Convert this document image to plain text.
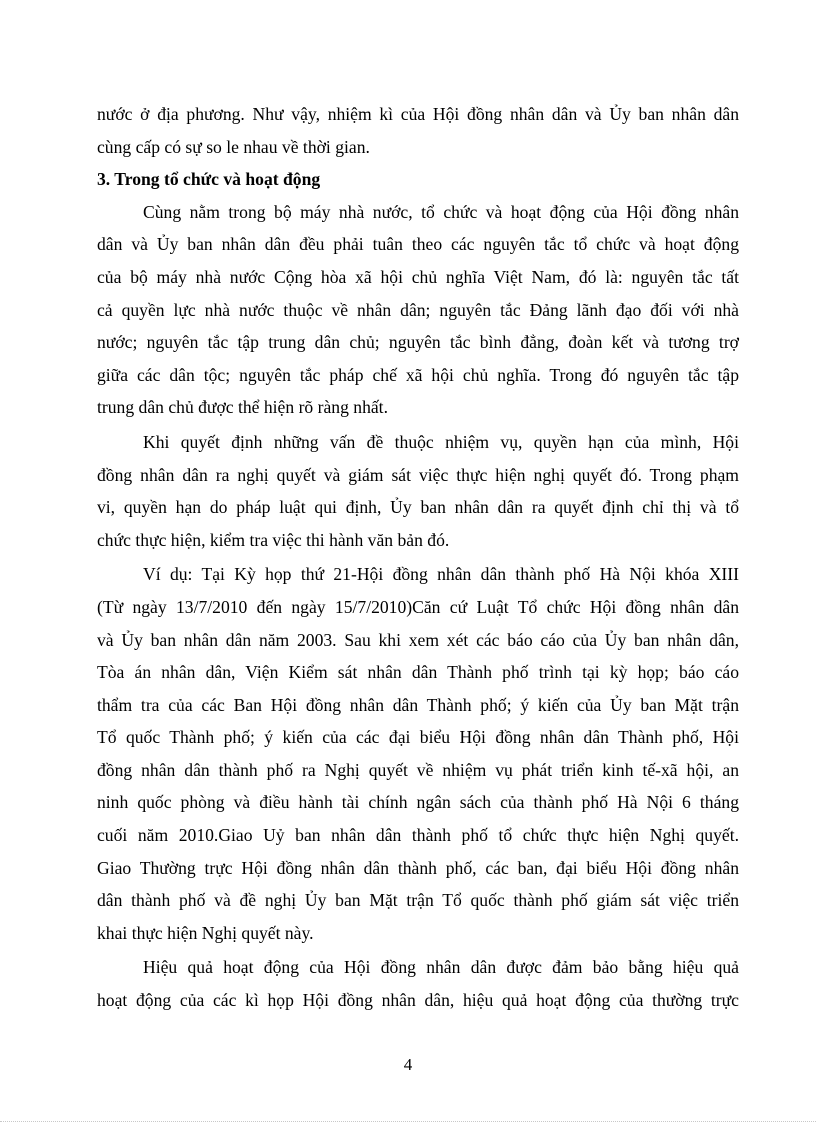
nước ở địa phương. Như vậy, nhiệm kì của Hội đồng nhân dân và Ủy ban nhân dân
cùng cấp có sự so le nhau về thời gian.
3. Trong tổ chức và hoạt động
Cùng nằm trong bộ máy nhà nước, tổ chức và hoạt động của Hội đồng nhân
dân và Ủy ban nhân dân đều phải tuân theo các nguyên tắc tổ chức và hoạt động
của bộ máy nhà nước Cộng hòa xã hội chủ nghĩa Việt Nam, đó là: nguyên tắc tất
cả quyền lực nhà nước thuộc về nhân dân; nguyên tắc Đảng lãnh đạo đối với nhà
nước; nguyên tắc tập trung dân chủ; nguyên tắc bình đẳng, đoàn kết và tương trợ
giữa các dân tộc; nguyên tắc pháp chế xã hội chủ nghĩa. Trong đó nguyên tắc tập
trung dân chủ được thể hiện rõ ràng nhất.
Khi quyết định những vấn đề thuộc nhiệm vụ, quyền hạn của mình, Hội
đồng nhân dân ra nghị quyết và giám sát việc thực hiện nghị quyết đó. Trong phạm
vi, quyền hạn do pháp luật qui định, Ủy ban nhân dân ra quyết định chỉ thị và tổ
chức thực hiện, kiểm tra việc thi hành văn bản đó.
Ví dụ: Tại Kỳ họp thứ 21-Hội đồng nhân dân thành phố Hà Nội khóa XIII
(Từ ngày 13/7/2010 đến ngày 15/7/2010)Căn cứ Luật Tổ chức Hội đồng nhân dân
và Ủy ban nhân dân năm 2003. Sau khi xem xét các báo cáo của Ủy ban nhân dân,
Tòa án nhân dân, Viện Kiểm sát nhân dân Thành phố trình tại kỳ họp; báo cáo
thẩm tra của các Ban Hội đồng nhân dân Thành phố; ý kiến của Ủy ban Mặt trận
Tổ quốc Thành phố; ý kiến của các đại biểu Hội đồng nhân dân Thành phố, Hội
đồng nhân dân thành phố ra Nghị quyết về nhiệm vụ phát triển kinh tế-xã hội, an
ninh quốc phòng và điều hành tài chính ngân sách của thành phố Hà Nội 6 tháng
cuối năm 2010.Giao Uỷ ban nhân dân thành phố tổ chức thực hiện Nghị quyết.
Giao Thường trực Hội đồng nhân dân thành phố, các ban, đại biểu Hội đồng nhân
dân thành phố và đề nghị Ủy ban Mặt trận Tổ quốc thành phố giám sát việc triển
khai thực hiện Nghị quyết này.
Hiệu quả hoạt động của Hội đồng nhân dân được đảm bảo bằng hiệu quả
hoạt động của các kì họp Hội đồng nhân dân, hiệu quả hoạt động của thường trực
4
